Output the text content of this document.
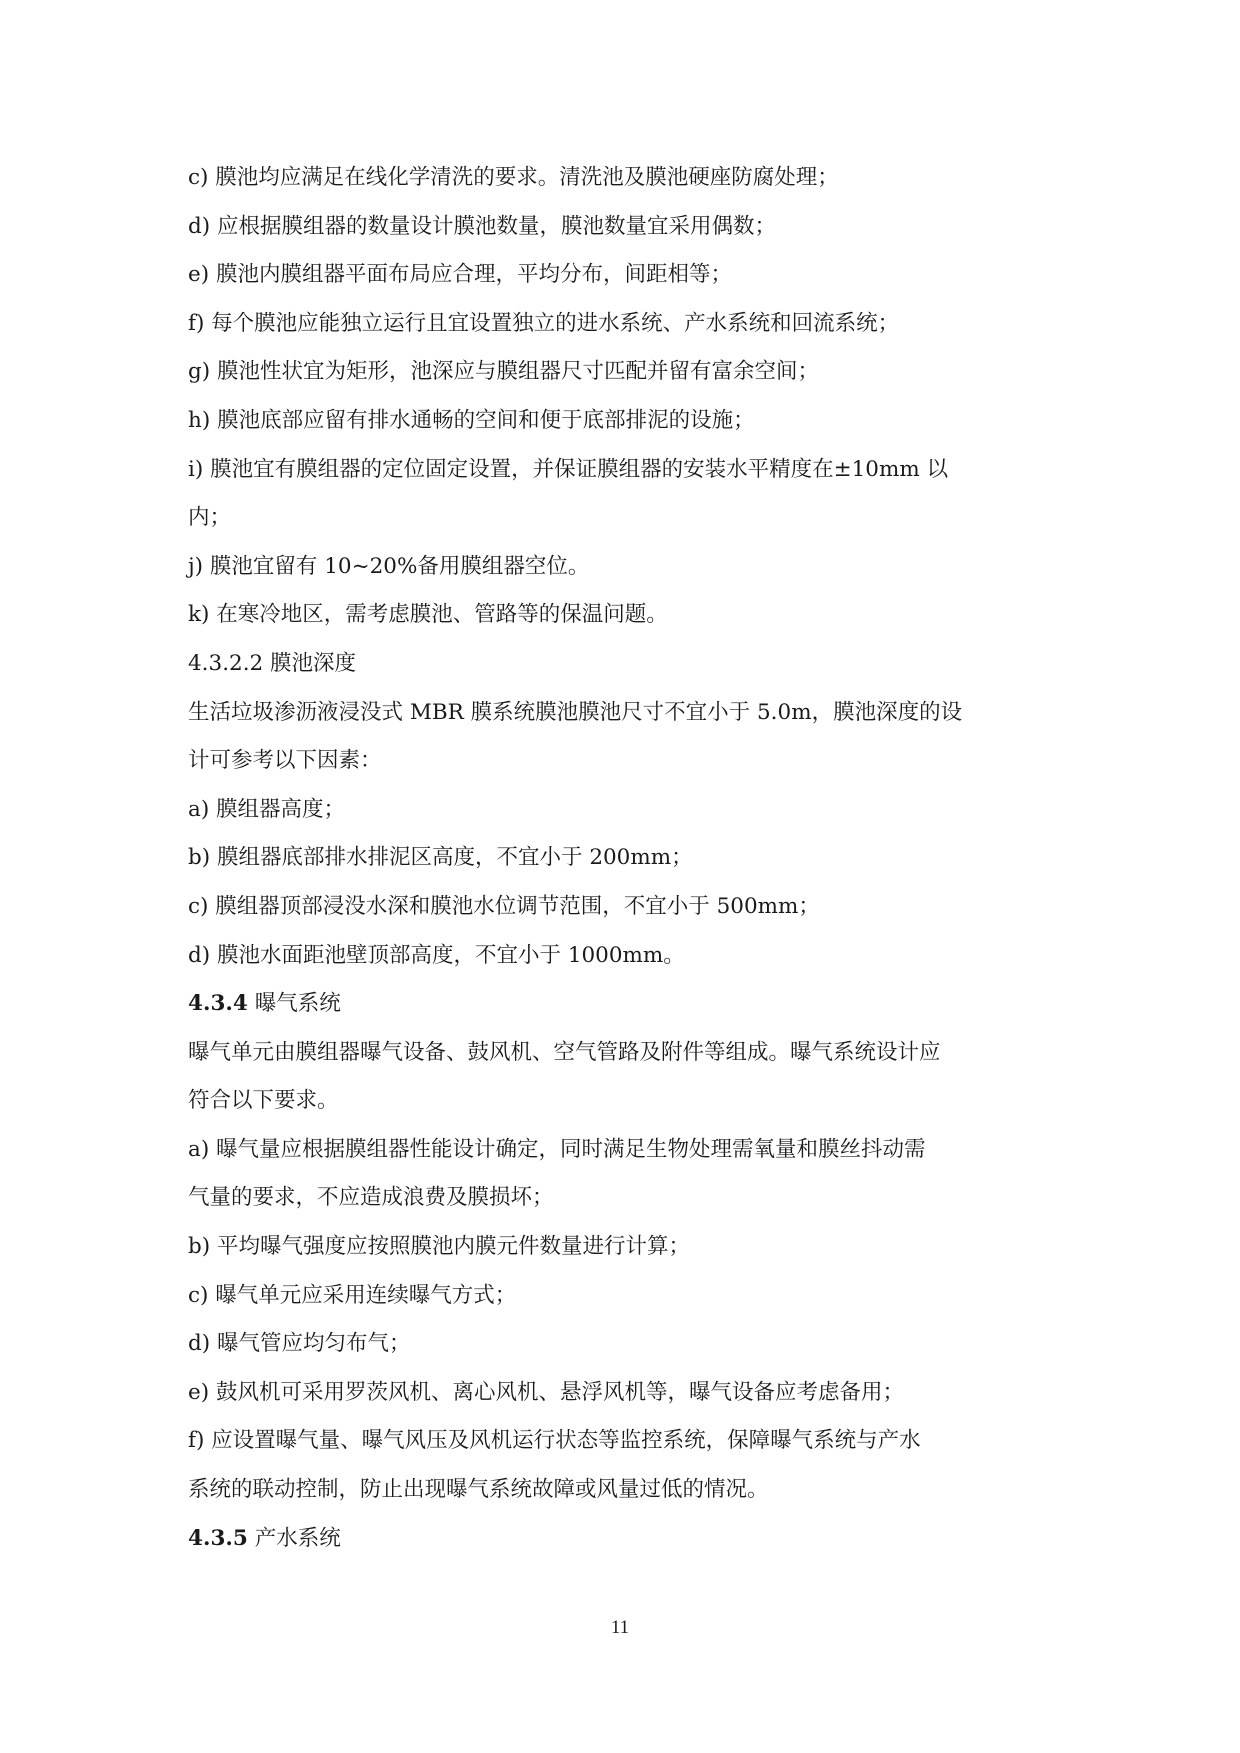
c) 膜池均应满足在线化学清洗的要求。清洗池及膜池硬座防腐处理；
d) 应根据膜组器的数量设计膜池数量，膜池数量宜采用偶数；
e) 膜池内膜组器平面布局应合理，平均分布，间距相等；
f) 每个膜池应能独立运行且宜设置独立的进水系统、产水系统和回流系统；
g) 膜池性状宜为矩形，池深应与膜组器尺寸匹配并留有富余空间；
h) 膜池底部应留有排水通畅的空间和便于底部排泥的设施；
i) 膜池宜有膜组器的定位固定设置，并保证膜组器的安装水平精度在±10mm 以
内；
j) 膜池宜留有 10~20%备用膜组器空位。
k) 在寒冷地区，需考虑膜池、管路等的保温问题。
4.3.2.2 膜池深度
生活垃圾渗沥液浸没式 MBR 膜系统膜池膜池尺寸不宜小于 5.0m，膜池深度的设
计可参考以下因素：
a) 膜组器高度；
b) 膜组器底部排水排泥区高度，不宜小于 200mm；
c) 膜组器顶部浸没水深和膜池水位调节范围，不宜小于 500mm；
d) 膜池水面距池壁顶部高度，不宜小于 1000mm。
4.3.4 曝气系统
曝气单元由膜组器曝气设备、鼓风机、空气管路及附件等组成。曝气系统设计应
符合以下要求。
a) 曝气量应根据膜组器性能设计确定，同时满足生物处理需氧量和膜丝抖动需
气量的要求，不应造成浪费及膜损坏；
b) 平均曝气强度应按照膜池内膜元件数量进行计算；
c) 曝气单元应采用连续曝气方式；
d) 曝气管应均匀布气；
e) 鼓风机可采用罗茨风机、离心风机、悬浮风机等，曝气设备应考虑备用；
f) 应设置曝气量、曝气风压及风机运行状态等监控系统，保障曝气系统与产水
系统的联动控制，防止出现曝气系统故障或风量过低的情况。
4.3.5 产水系统
11
